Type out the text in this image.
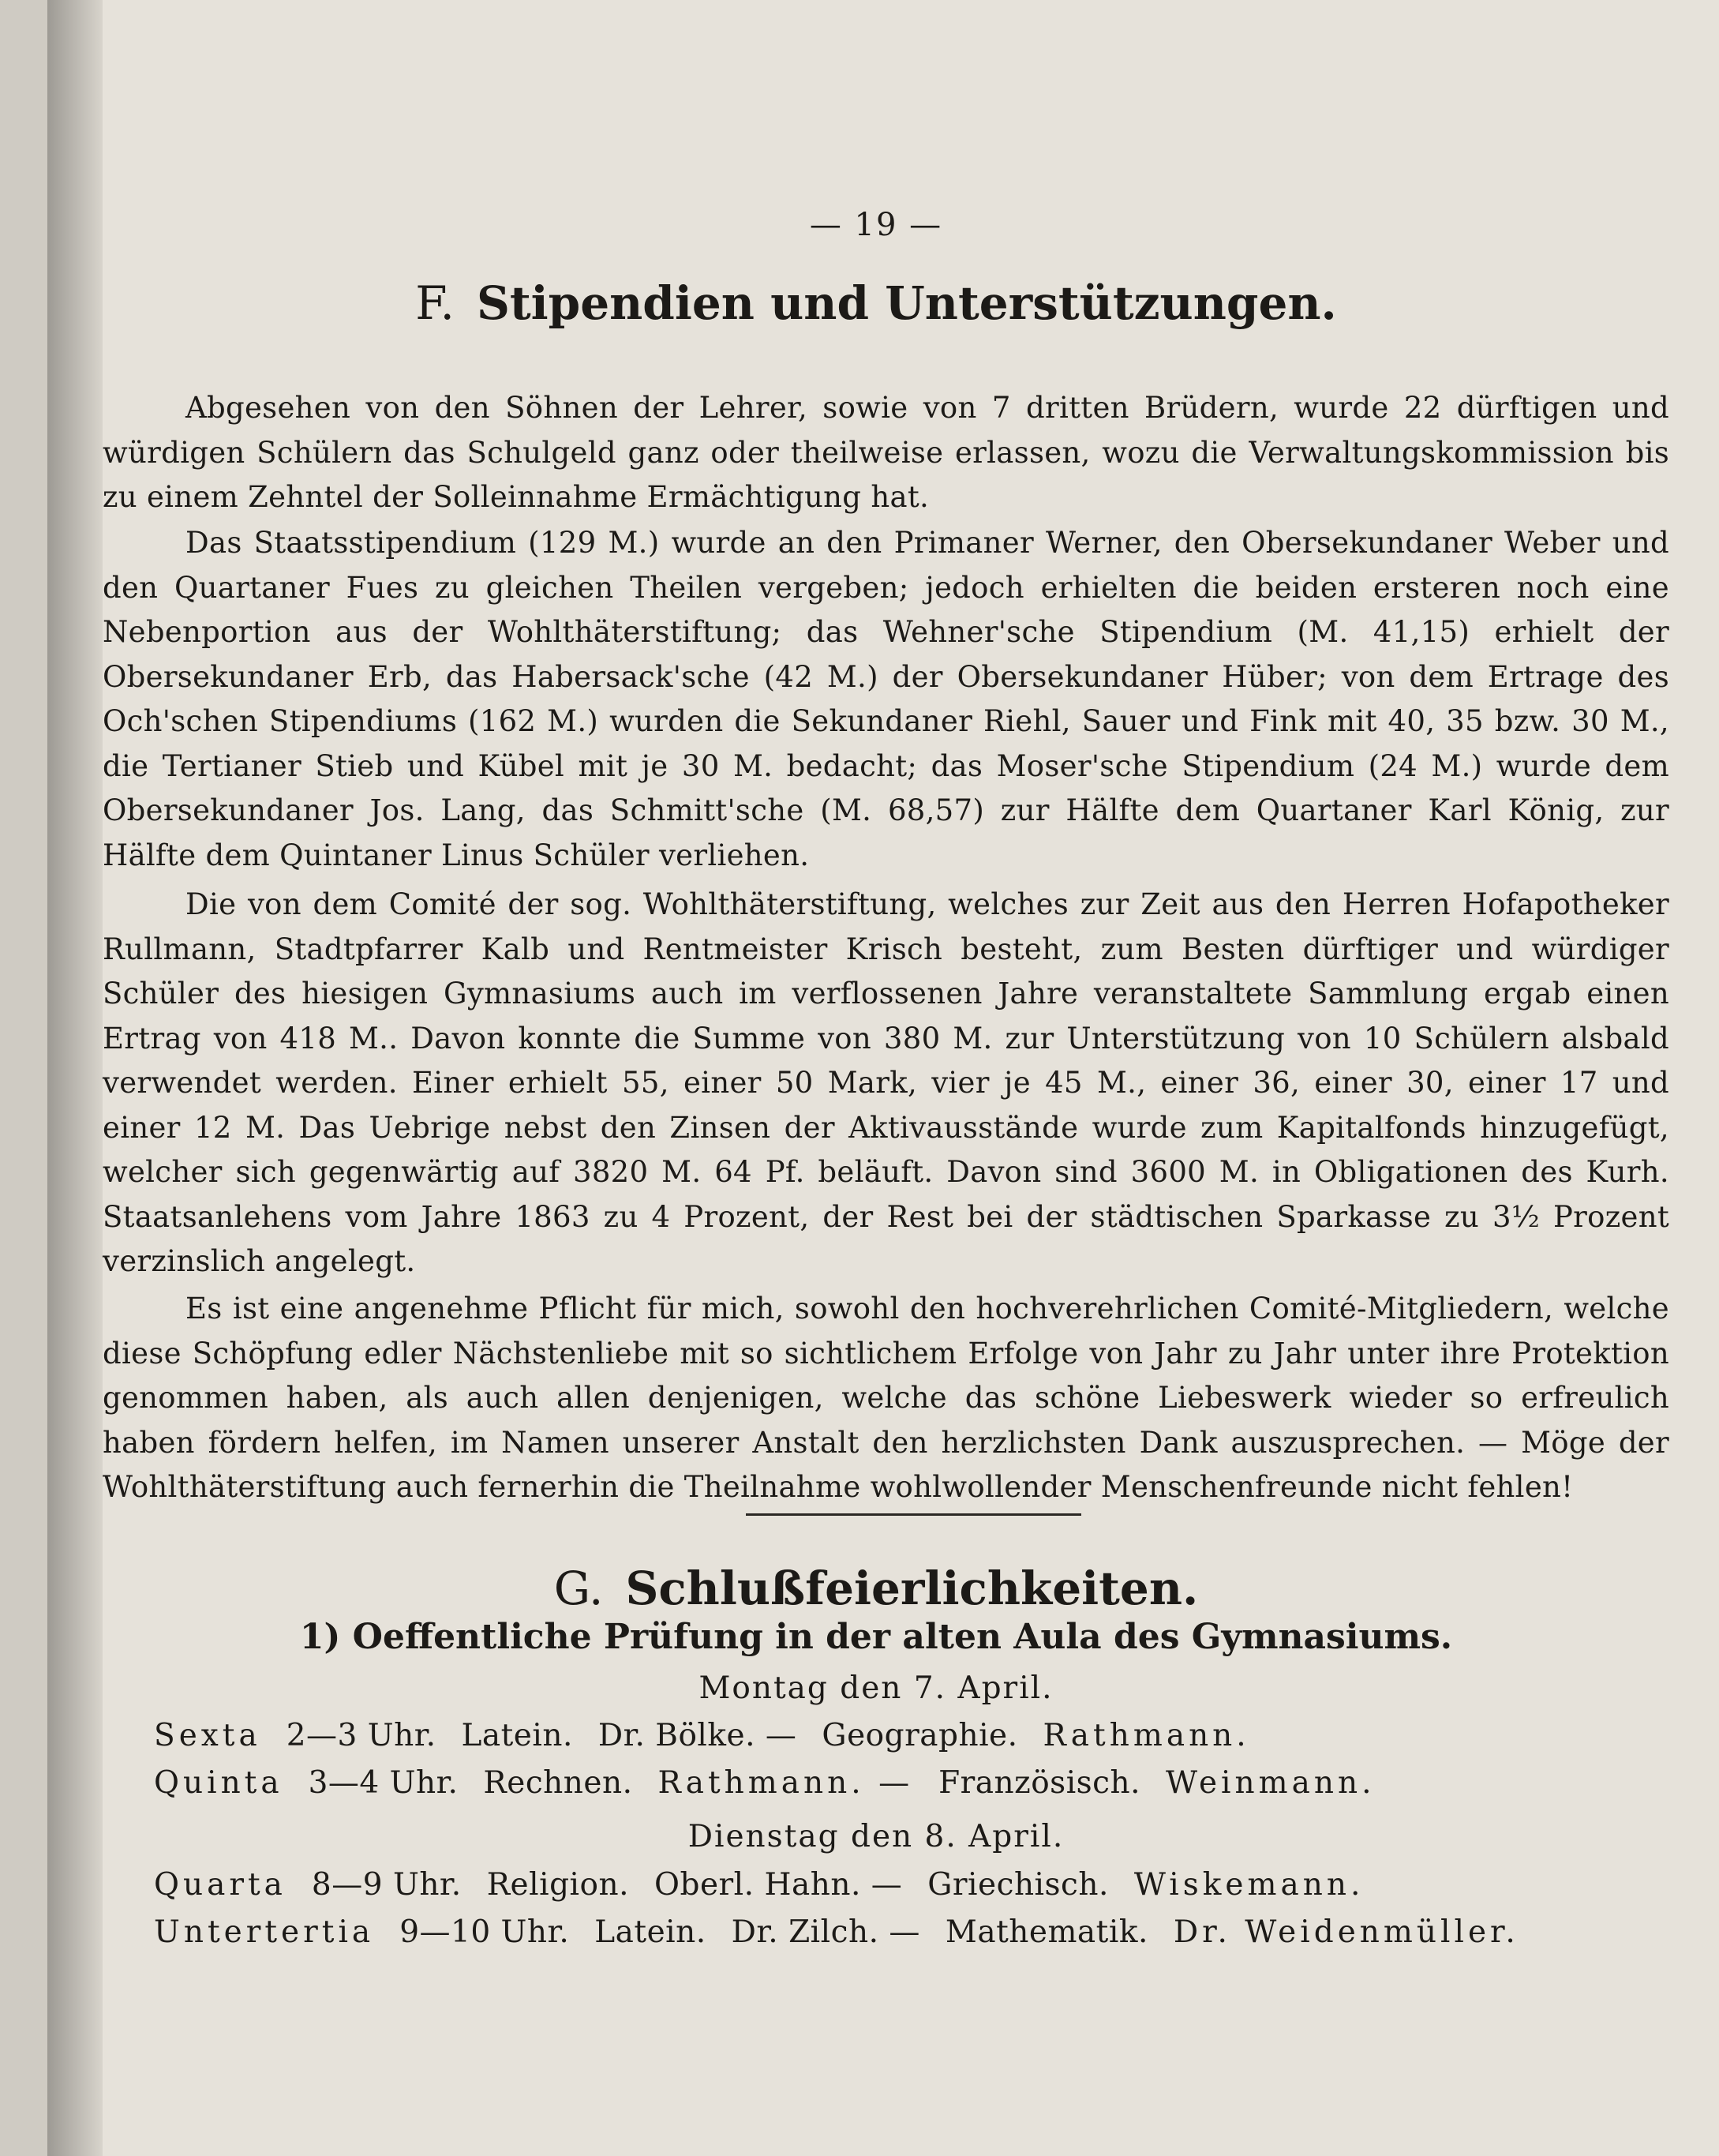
— 19 —
F. Stipendien und Unterstützungen.

Abgesehen von den Söhnen der Lehrer, sowie von 7 dritten Brüdern, wurde 22 dürftigen und würdigen Schülern das Schulgeld ganz oder theilweise erlassen, wozu die Verwaltungskommission bis zu einem Zehntel der Solleinnahme Ermächtigung hat.

Das Staatsstipendium (129 M.) wurde an den Primaner Werner, den Obersekundaner Weber und den Quartaner Fues zu gleichen Theilen vergeben; jedoch erhielten die beiden ersteren noch eine Nebenportion aus der Wohlthäterstiftung; das Wehner'sche Stipendium (M. 41,15) erhielt der Obersekundaner Erb, das Habersack'sche (42 M.) der Obersekundaner Hüber; von dem Ertrage des Och'schen Stipendiums (162 M.) wurden die Sekundaner Riehl, Sauer und Fink mit 40, 35 bzw. 30 M., die Tertianer Stieb und Kübel mit je 30 M. bedacht; das Moser'sche Stipendium (24 M.) wurde dem Obersekundaner Jos. Lang, das Schmitt'sche (M. 68,57) zur Hälfte dem Quartaner Karl König, zur Hälfte dem Quintaner Linus Schüler verliehen.

Die von dem Comité der sog. Wohlthäterstiftung, welches zur Zeit aus den Herren Hofapotheker Rullmann, Stadtpfarrer Kalb und Rentmeister Krisch besteht, zum Besten dürftiger und würdiger Schüler des hiesigen Gymnasiums auch im verflossenen Jahre veranstaltete Sammlung ergab einen Ertrag von 418 M.. Davon konnte die Summe von 380 M. zur Unterstützung von 10 Schülern alsbald verwendet werden. Einer erhielt 55, einer 50 Mark, vier je 45 M., einer 36, einer 30, einer 17 und einer 12 M. Das Uebrige nebst den Zinsen der Aktivausstände wurde zum Kapitalfonds hinzugefügt, welcher sich gegenwärtig auf 3820 M. 64 Pf. beläuft. Davon sind 3600 M. in Obligationen des Kurh. Staatsanlehens vom Jahre 1863 zu 4 Prozent, der Rest bei der städtischen Sparkasse zu 3½ Prozent verzinslich angelegt.

Es ist eine angenehme Pflicht für mich, sowohl den hochverehrlichen Comité-Mitgliedern, welche diese Schöpfung edler Nächstenliebe mit so sichtlichem Erfolge von Jahr zu Jahr unter ihre Protektion genommen haben, als auch allen denjenigen, welche das schöne Liebeswerk wieder so erfreulich haben fördern helfen, im Namen unserer Anstalt den herzlichsten Dank auszusprechen. — Möge der Wohlthäterstiftung auch fernerhin die Theilnahme wohlwollender Menschenfreunde nicht fehlen!

G. Schlußfeierlichkeiten.
1) Oeffentliche Prüfung in der alten Aula des Gymnasiums.
Montag den 7. April.
Sexta 2—3 Uhr. Latein. Dr. Bölke. — Geographie. Rathmann.
Quinta 3—4 Uhr. Rechnen. Rathmann. — Französisch. Weinmann.
Dienstag den 8. April.
Quarta 8—9 Uhr. Religion. Oberl. Hahn. — Griechisch. Wiskemann.
Untertertia 9—10 Uhr. Latein. Dr. Zilch. — Mathematik. Dr. Weidenmüller.
